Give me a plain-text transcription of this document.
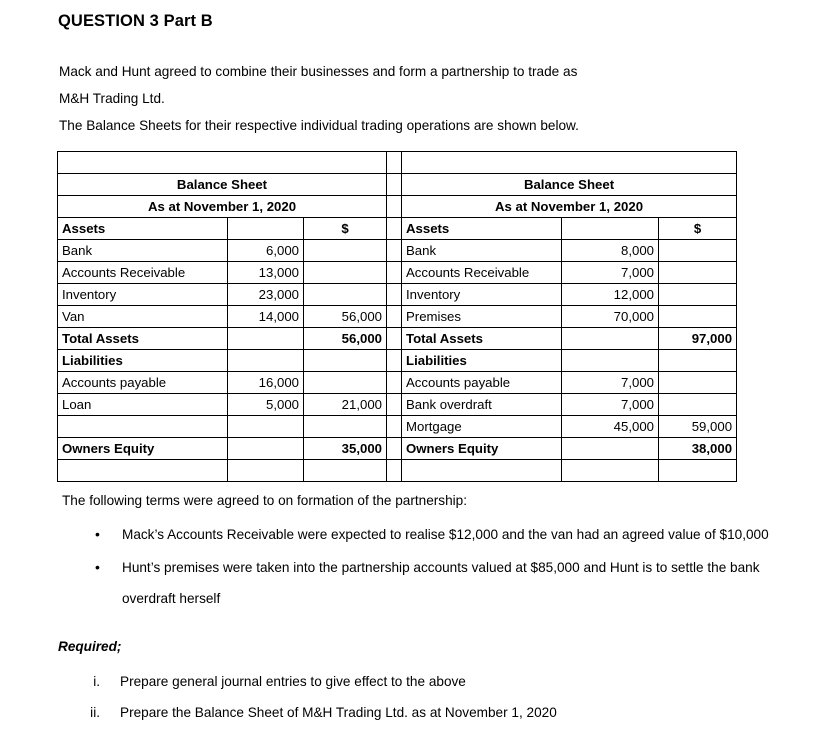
QUESTION 3 Part B

Mack and Hunt agreed to combine their businesses and form a partnership to trade as

M&H Trading Ltd.

The Balance Sheets for their respective individual trading operations are shown below.

Mack Trading Co.				Hunt Trading Co.		
Balance Sheet				Balance Sheet		
As at November 1, 2020				As at November 1, 2020		
Assets		$		Assets		$
Bank	6,000			Bank	8,000	
Accounts Receivable	13,000			Accounts Receivable	7,000	
Inventory	23,000			Inventory	12,000	
Van	14,000	56,000		Premises	70,000	
Total Assets		56,000		Total Assets		97,000
Liabilities				Liabilities		
Accounts payable	16,000			Accounts payable	7,000	
Loan	5,000	21,000		Bank overdraft	7,000	
				Mortgage	45,000	59,000
Owners Equity		35,000		Owners Equity		38,000

The following terms were agreed to on formation of the partnership:

• Mack’s Accounts Receivable were expected to realise $12,000 and the van had an agreed value of $10,000
• Hunt’s premises were taken into the partnership accounts valued at $85,000 and Hunt is to settle the bank overdraft herself
Required;
i. Prepare general journal entries to give effect to the above
ii. Prepare the Balance Sheet of M&H Trading Ltd. as at November 1, 2020
